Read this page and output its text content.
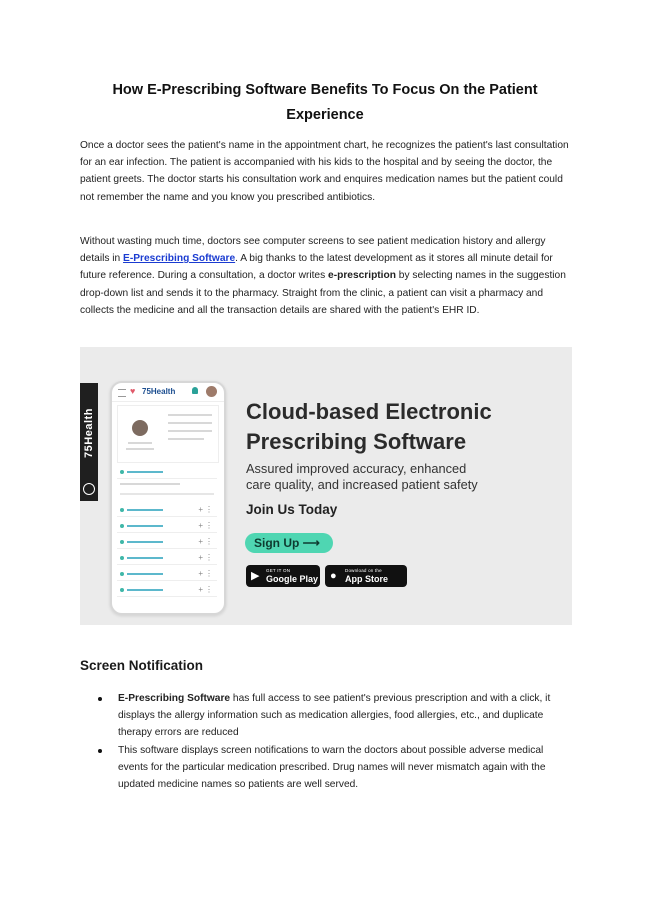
How E-Prescribing Software Benefits To Focus On the Patient
Experience
Once a doctor sees the patient's name in the appointment chart, he recognizes the patient's last consultation for an ear infection. The patient is accompanied with his kids to the hospital and by seeing the doctor, the patient greets. The doctor starts his consultation work and enquires medication names but the patient could not remember the name and you know you prescribed antibiotics.
Without wasting much time, doctors see computer screens to see patient medication history and allergy details in E-Prescribing Software. A big thanks to the latest development as it stores all minute detail for future reference. During a consultation, a doctor writes e-prescription by selecting names in the suggestion drop-down list and sends it to the pharmacy. Straight from the clinic, a patient can visit a pharmacy and collects the medicine and all the transaction details are shared with the patient's EHR ID.
75Health
♥ 75Health
+ ⋮
+ ⋮
+ ⋮
+ ⋮
+ ⋮
+ ⋮
Cloud-based Electronic
Prescribing Software
Assured improved accuracy, enhanced
care quality, and increased patient safety
Join Us Today
Sign Up ⟶
▶ GET IT ON
Google Play ● Download on the
App Store
Screen Notification
E-Prescribing Software has full access to see patient's previous prescription and with a click, it displays the allergy information such as medication allergies, food allergies, etc., and duplicate therapy errors are reduced
This software displays screen notifications to warn the doctors about possible adverse medical events for the particular medication prescribed. Drug names will never mismatch again with the updated medicine names so patients are well served.
